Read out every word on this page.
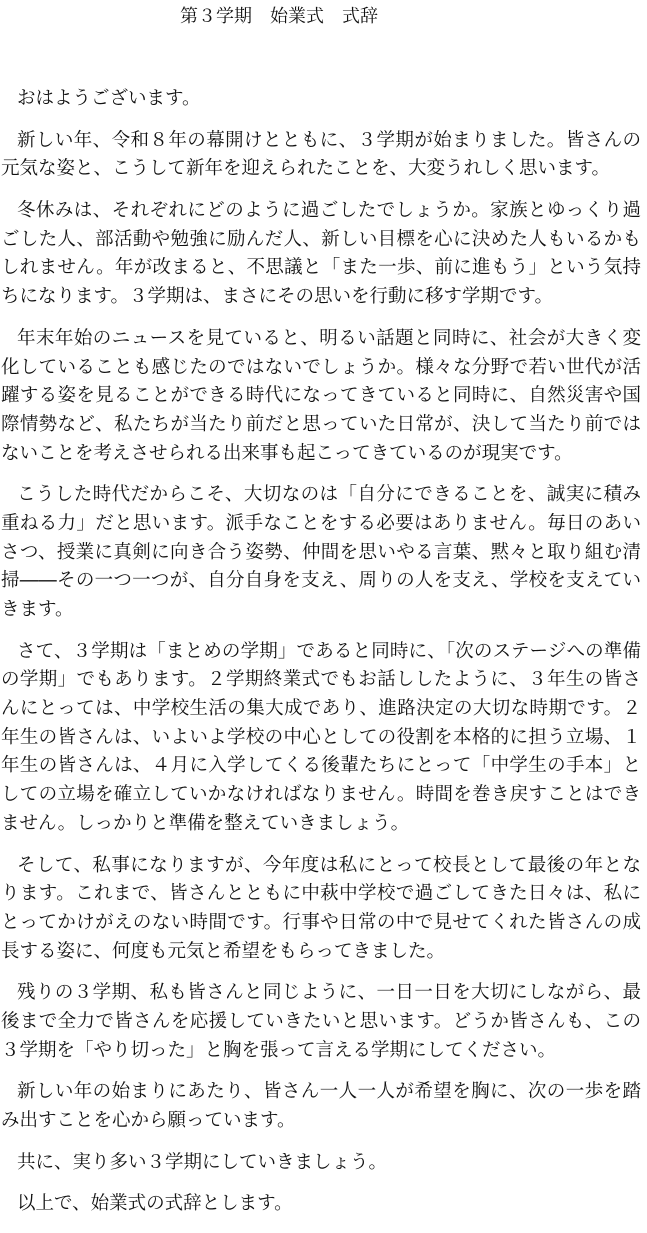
第３学期　始業式　式辞
おはようございます。
新しい年、令和８年の幕開けとともに、３学期が始まりました。皆さんの
元気な姿と、こうして新年を迎えられたことを、大変うれしく思います。
冬休みは、それぞれにどのように過ごしたでしょうか。家族とゆっくり過
ごした人、部活動や勉強に励んだ人、新しい目標を心に決めた人もいるかも
しれません。年が改まると、不思議と「また一歩、前に進もう」という気持
ちになります。３学期は、まさにその思いを行動に移す学期です。
年末年始のニュースを見ていると、明るい話題と同時に、社会が大きく変
化していることも感じたのではないでしょうか。様々な分野で若い世代が活
躍する姿を見ることができる時代になってきていると同時に、自然災害や国
際情勢など、私たちが当たり前だと思っていた日常が、決して当たり前では
ないことを考えさせられる出来事も起こってきているのが現実です。
こうした時代だからこそ、大切なのは「自分にできることを、誠実に積み
重ねる力」だと思います。派手なことをする必要はありません。毎日のあい
さつ、授業に真剣に向き合う姿勢、仲間を思いやる言葉、黙々と取り組む清
掃――その一つ一つが、自分自身を支え、周りの人を支え、学校を支えてい
きます。
さて、３学期は「まとめの学期」であると同時に、「次のステージへの準備
の学期」でもあります。２学期終業式でもお話ししたように、３年生の皆さ
んにとっては、中学校生活の集大成であり、進路決定の大切な時期です。２
年生の皆さんは、いよいよ学校の中心としての役割を本格的に担う立場、１
年生の皆さんは、４月に入学してくる後輩たちにとって「中学生の手本」と
しての立場を確立していかなければなりません。時間を巻き戻すことはでき
ません。しっかりと準備を整えていきましょう。
そして、私事になりますが、今年度は私にとって校長として最後の年とな
ります。これまで、皆さんとともに中萩中学校で過ごしてきた日々は、私に
とってかけがえのない時間です。行事や日常の中で見せてくれた皆さんの成
長する姿に、何度も元気と希望をもらってきました。
残りの３学期、私も皆さんと同じように、一日一日を大切にしながら、最
後まで全力で皆さんを応援していきたいと思います。どうか皆さんも、この
３学期を「やり切った」と胸を張って言える学期にしてください。
新しい年の始まりにあたり、皆さん一人一人が希望を胸に、次の一歩を踏
み出すことを心から願っています。
共に、実り多い３学期にしていきましょう。
以上で、始業式の式辞とします。
